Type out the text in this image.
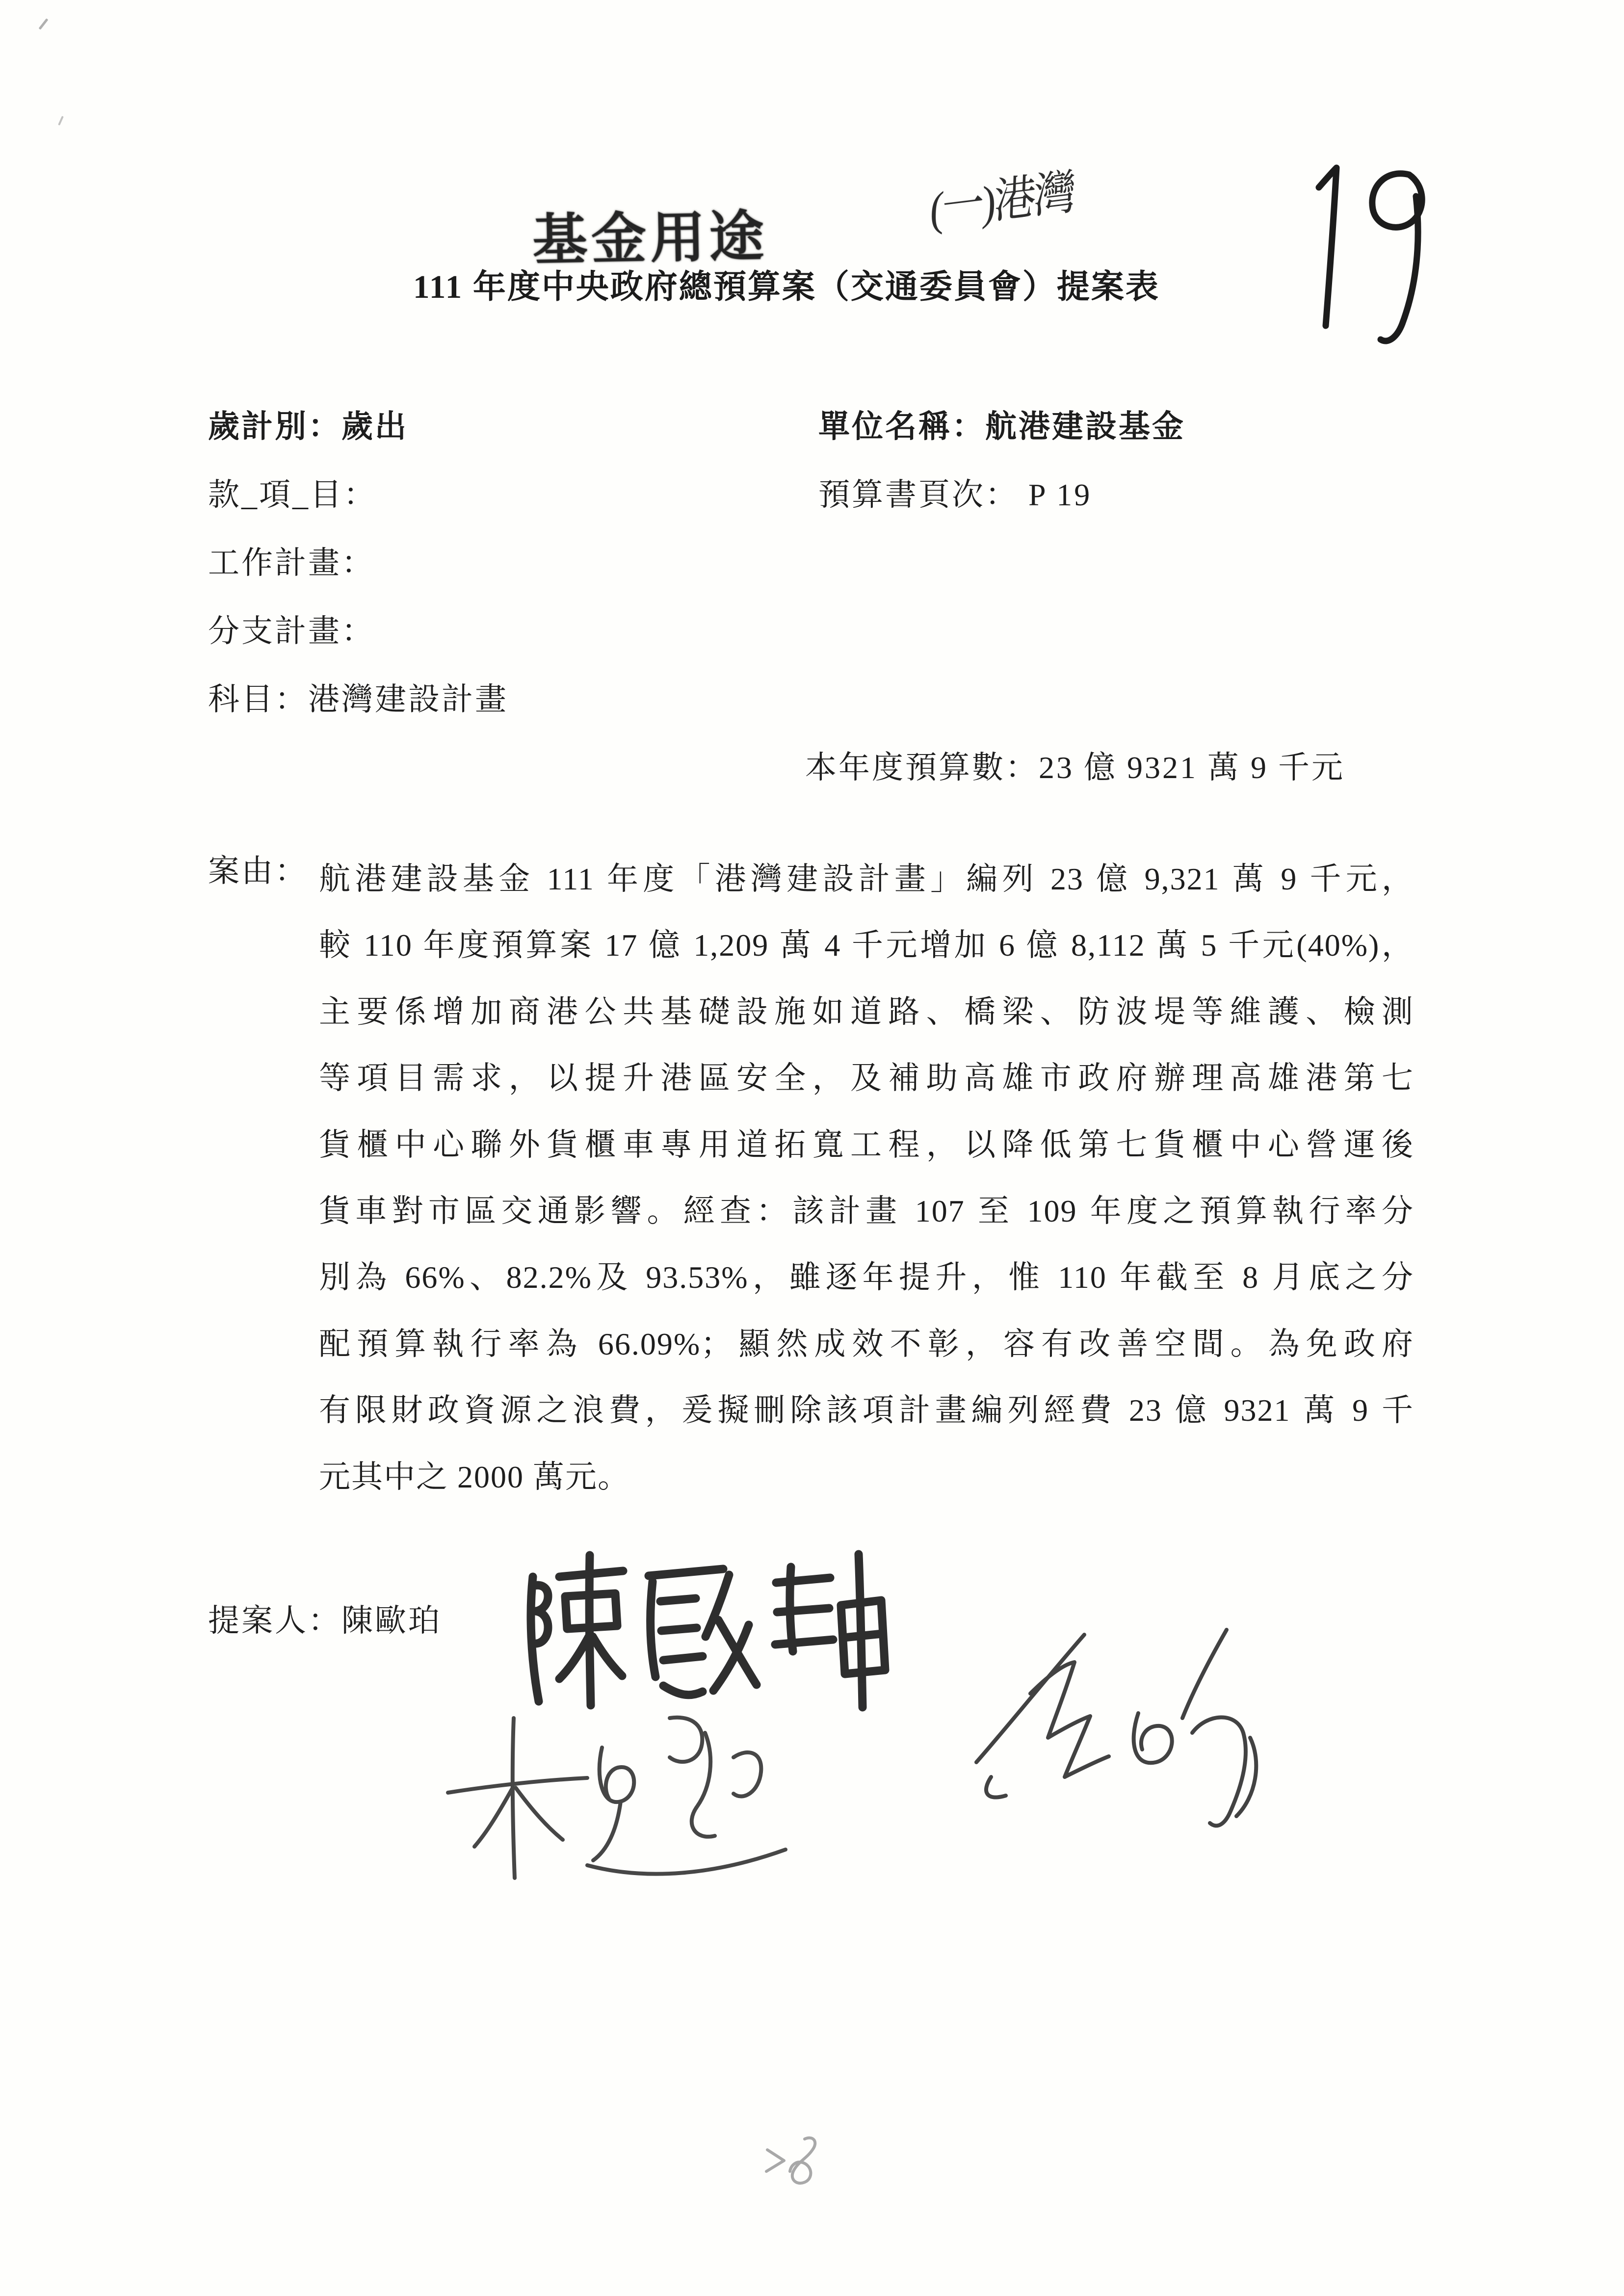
基金用途
(一)港灣
111 年度中央政府總預算案（交通委員會）提案表
歲計別：歲出	單位名稱：航港建設基金
款_項_目：	預算書頁次： P 19
工作計畫：
分支計畫：
科目：港灣建設計畫
本年度預算數：23 億 9321 萬 9 千元
案由： 航港建設基金 111 年度「港灣建設計畫」編列 23 億 9,321 萬 9 千元，
較 110 年度預算案 17 億 1,209 萬 4 千元增加 6 億 8,112 萬 5 千元(40%)，
主要係增加商港公共基礎設施如道路、橋梁、防波堤等維護、檢測
等項目需求，以提升港區安全，及補助高雄市政府辦理高雄港第七
貨櫃中心聯外貨櫃車專用道拓寬工程，以降低第七貨櫃中心營運後
貨車對市區交通影響。經查：該計畫 107 至 109 年度之預算執行率分
別為 66%、82.2%及 93.53%，雖逐年提升，惟 110 年截至 8 月底之分
配預算執行率為 66.09%；顯然成效不彰，容有改善空間。為免政府
有限財政資源之浪費，爰擬刪除該項計畫編列經費 23 億 9321 萬 9 千
元其中之 2000 萬元。
提案人：陳歐珀
